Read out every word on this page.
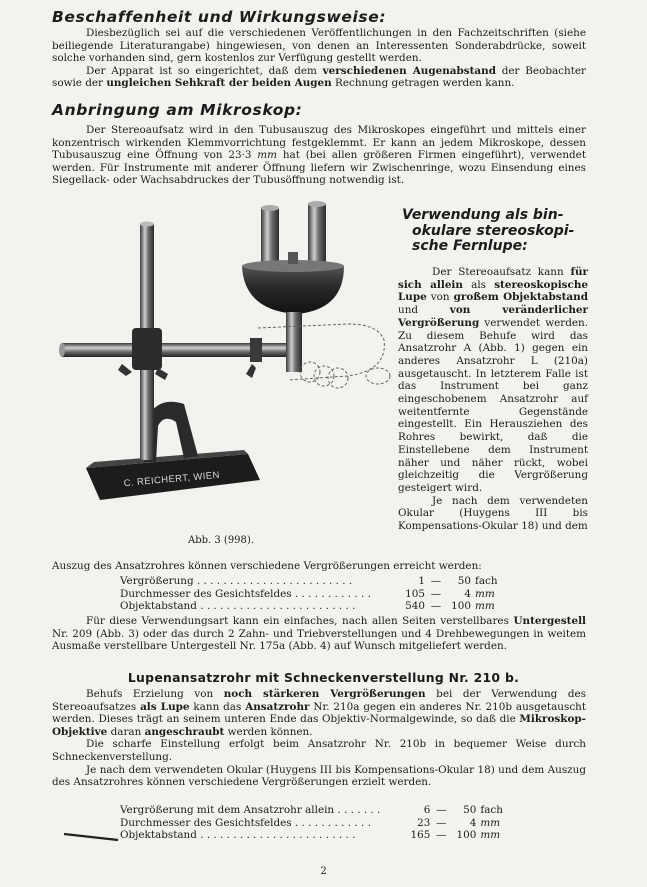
Beschaffenheit und Wirkungsweise:

Diesbezüglich sei auf die verschiedenen Veröffentlichungen in den Fachzeitschriften (siehe beiliegende Literaturangabe) hingewiesen, von denen an Interessenten Sonderabdrücke, soweit solche vorhanden sind, gern kostenlos zur Verfügung gestellt werden.

Der Apparat ist so eingerichtet, daß dem verschiedenen Augenabstand der Beobachter sowie der ungleichen Sehkraft der beiden Augen Rechnung getragen werden kann.

Anbringung am Mikroskop:

Der Stereoaufsatz wird in den Tubusauszug des Mikroskopes eingeführt und mittels einer konzentrisch wirkenden Klemmvorrichtung festgeklemmt. Er kann an jedem Mikroskope, dessen Tubusauszug eine Öffnung von 23·3 mm hat (bei allen größeren Firmen eingeführt), verwendet werden. Für Instrumente mit anderer Öffnung liefern wir Zwischenringe, wozu Einsendung eines Siegellack- oder Wachsabdruckes der Tubusöffnung notwendig ist.

Verwendung als bin-
okulare stereoskopi-
sche Fernlupe:

Der Stereoaufsatz kann für sich allein als stereoskopische Lupe von großem Objektabstand und von veränderlicher Vergrößerung verwendet werden. Zu diesem Behufe wird das Ansatzrohr A (Abb. 1) gegen ein anderes Ansatzrohr L (210a) ausgetauscht. In letzterem Falle ist das Instrument bei ganz eingeschobenem Ansatzrohr auf weitentfernte Gegenstände eingestellt. Ein Herausziehen des Rohres bewirkt, daß die Einstellebene dem Instrument näher und näher rückt, wobei gleichzeitig die Vergrößerung gesteigert wird.

Je nach dem verwendeten Okular (Huygens III bis Kompensations-Okular 18) und dem

C. REICHERT, WIEN
Abb. 3 (998).

Auszug des Ansatzrohres können verschiedene Vergrößerungen erreicht werden:

Vergrößerung . . . . . . . . . . . . . . . . . . . . . . . .	1	—	50	fach
Durchmesser des Gesichtsfeldes . . . . . . . . . . . .	105	—	4	mm
Objektabstand . . . . . . . . . . . . . . . . . . . . . . . .	540	—	100	mm

Für diese Verwendungsart kann ein einfaches, nach allen Seiten verstellbares Untergestell Nr. 209 (Abb. 3) oder das durch 2 Zahn- und Triebverstellungen und 4 Drehbewegungen in weitem Ausmaße verstellbare Untergestell Nr. 175a (Abb. 4) auf Wunsch mitgeliefert werden.

Lupenansatzrohr mit Schneckenverstellung Nr. 210 b.

Behufs Erzielung von noch stärkeren Vergrößerungen bei der Verwendung des Stereoaufsatzes als Lupe kann das Ansatzrohr Nr. 210a gegen ein anderes Nr. 210b ausgetauscht werden. Dieses trägt an seinem unteren Ende das Objektiv-Normalgewinde, so daß die Mikroskop-Objektive daran angeschraubt werden können.

Die scharfe Einstellung erfolgt beim Ansatzrohr Nr. 210b in bequemer Weise durch Schneckenverstellung.

Je nach dem verwendeten Okular (Huygens III bis Kompensations-Okular 18) und dem Auszug des Ansatzrohres können verschiedene Vergrößerungen erzielt werden.

Vergrößerung mit dem Ansatzrohr allein . . . . . . .	6	—	50	fach
Durchmesser des Gesichtsfeldes . . . . . . . . . . . .	23	—	4	mm
Objektabstand . . . . . . . . . . . . . . . . . . . . . . . .	165	—	100	mm
2
